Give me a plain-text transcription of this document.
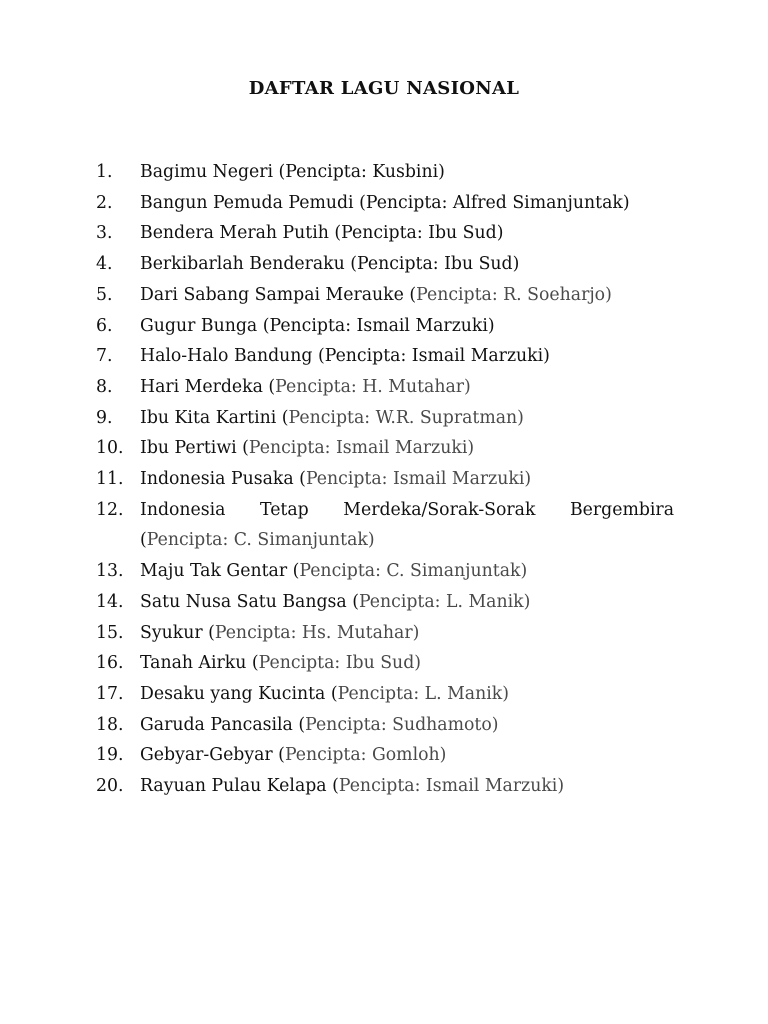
DAFTAR LAGU NASIONAL
1.	Bagimu Negeri (Pencipta: Kusbini)
2.	Bangun Pemuda Pemudi (Pencipta: Alfred Simanjuntak)
3.	Bendera Merah Putih (Pencipta: Ibu Sud)
4.	Berkibarlah Benderaku (Pencipta: Ibu Sud)
5.	Dari Sabang Sampai Merauke (Pencipta: R. Soeharjo)
6.	Gugur Bunga (Pencipta: Ismail Marzuki)
7.	Halo-Halo Bandung (Pencipta: Ismail Marzuki)
8.	Hari Merdeka (Pencipta: H. Mutahar)
9.	Ibu Kita Kartini (Pencipta: W.R. Supratman)
10. Ibu Pertiwi (Pencipta: Ismail Marzuki)
11. Indonesia Pusaka (Pencipta: Ismail Marzuki)
12. Indonesia Tetap Merdeka/Sorak-Sorak Bergembira (Pencipta: C. Simanjuntak)
13. Maju Tak Gentar (Pencipta: C. Simanjuntak)
14. Satu Nusa Satu Bangsa (Pencipta: L. Manik)
15. Syukur (Pencipta: Hs. Mutahar)
16. Tanah Airku (Pencipta: Ibu Sud)
17. Desaku yang Kucinta (Pencipta: L. Manik)
18. Garuda Pancasila (Pencipta: Sudhamoto)
19. Gebyar-Gebyar (Pencipta: Gomloh)
20. Rayuan Pulau Kelapa (Pencipta: Ismail Marzuki)
